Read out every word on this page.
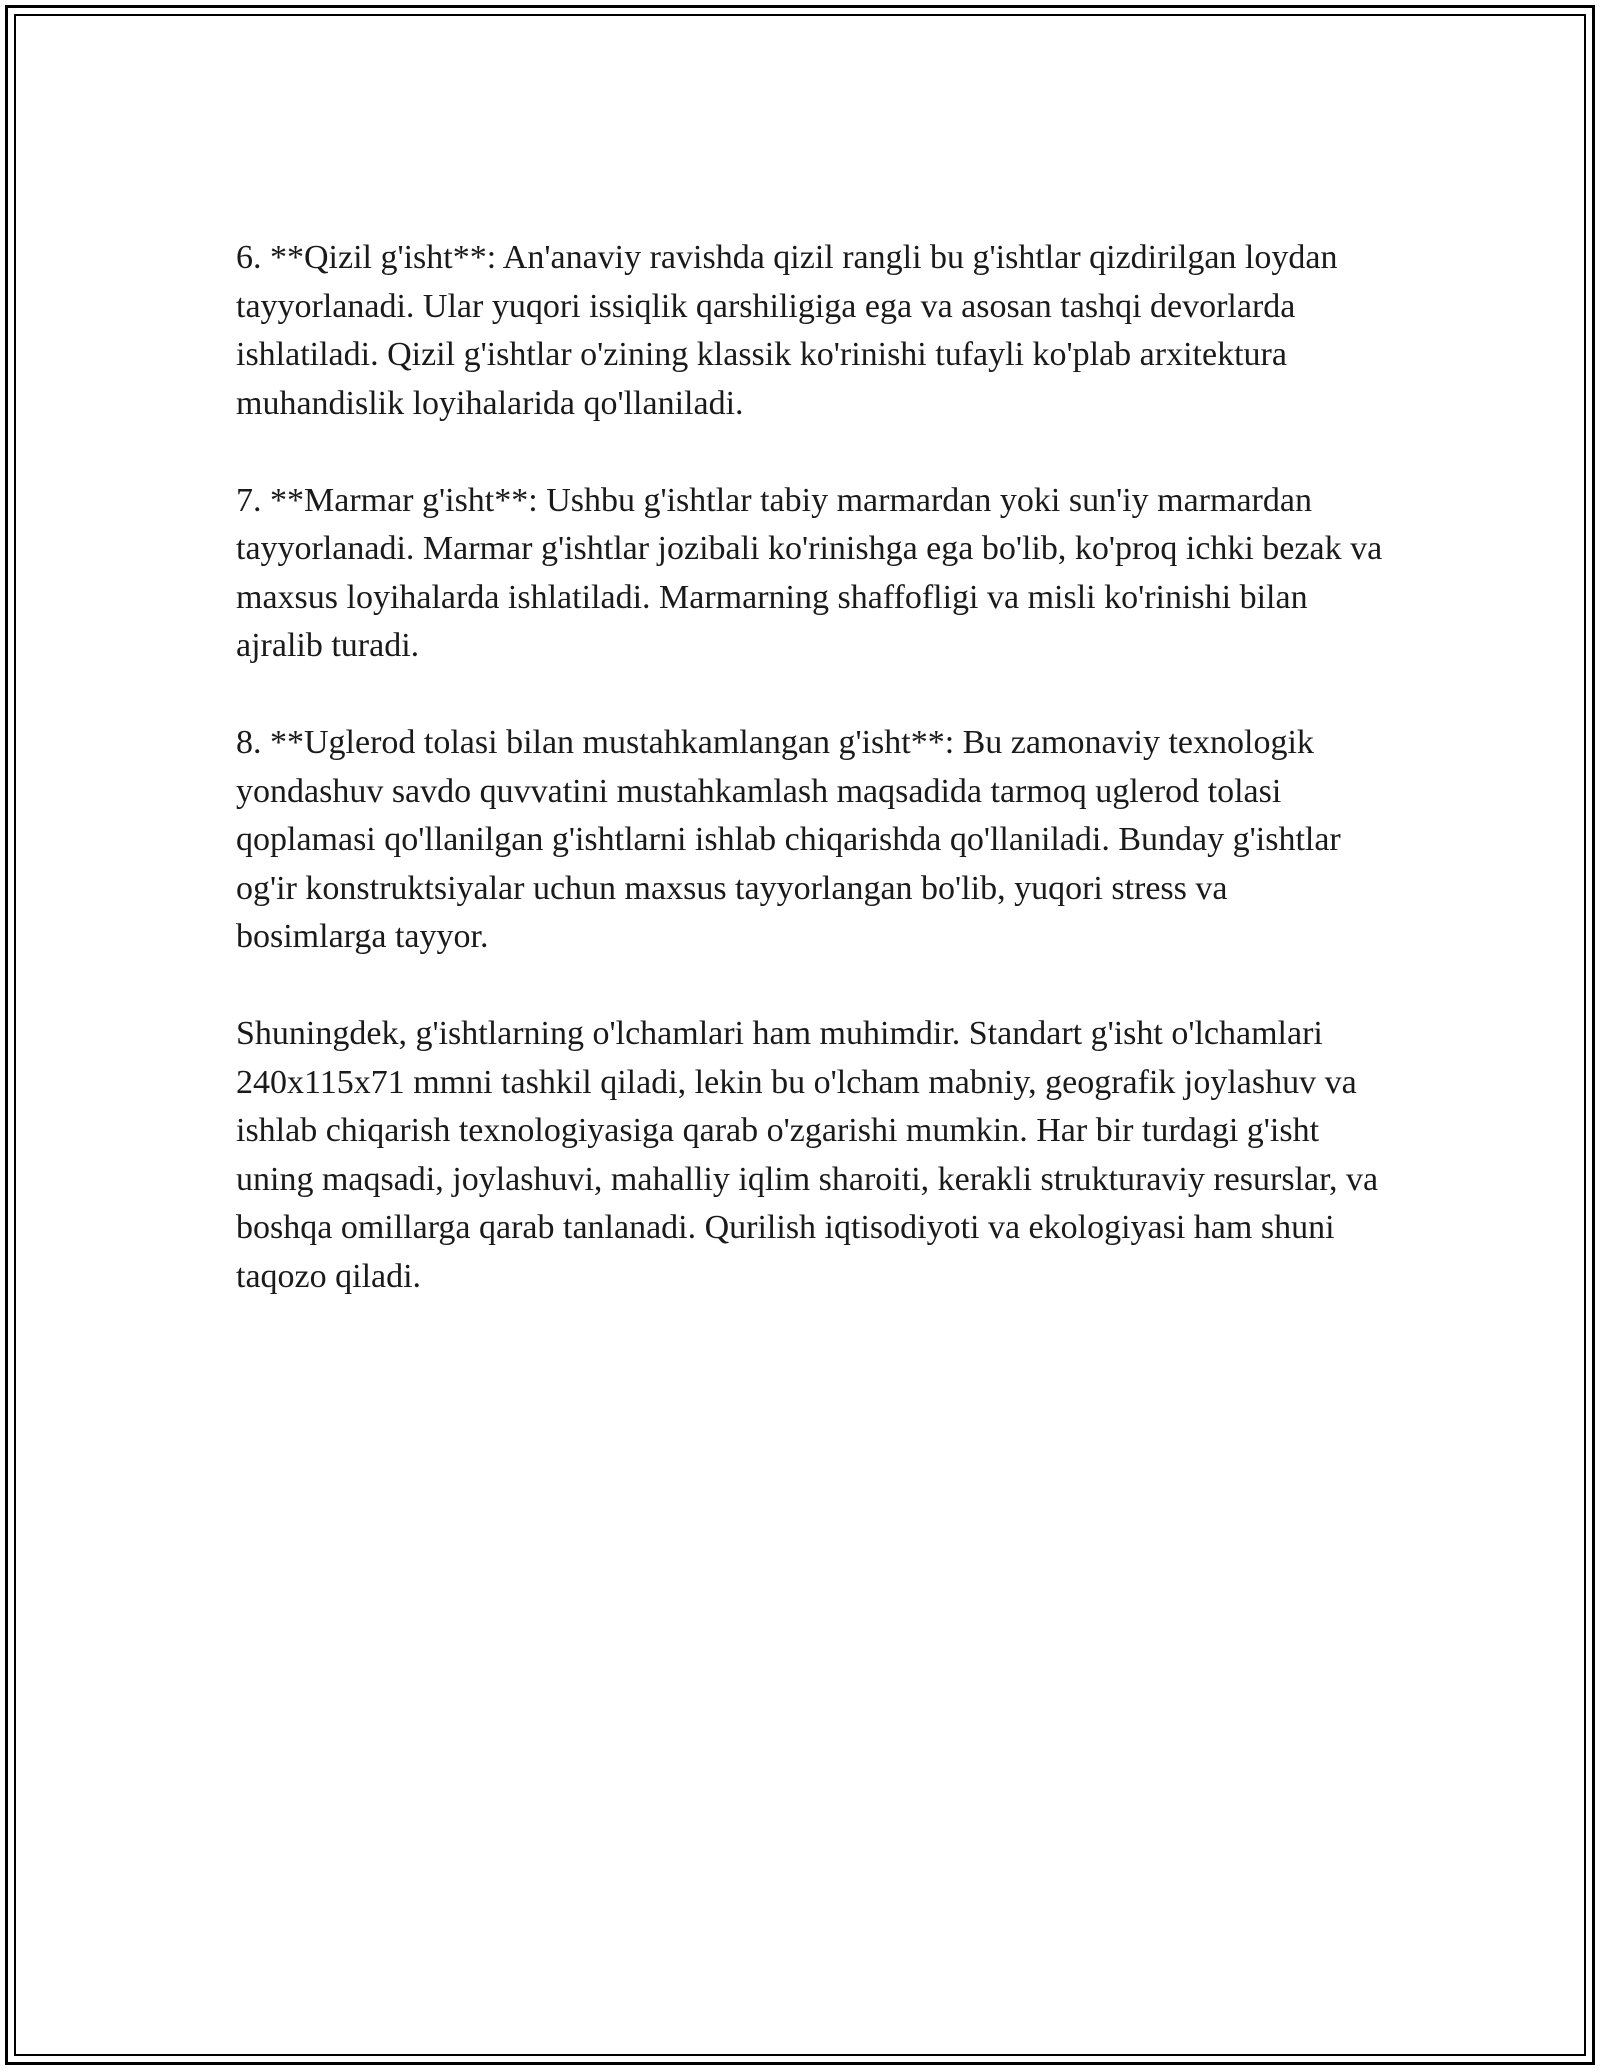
6. **Qizil g'isht**: An'anaviy ravishda qizil rangli bu g'ishtlar qizdirilgan loydan tayyorlanadi. Ular yuqori issiqlik qarshiligiga ega va asosan tashqi devorlarda ishlatiladi. Qizil g'ishtlar o'zining klassik ko'rinishi tufayli ko'plab arxitektura muhandislik loyihalarida qo'llaniladi.

7. **Marmar g'isht**: Ushbu g'ishtlar tabiy marmardan yoki sun'iy marmardan tayyorlanadi. Marmar g'ishtlar jozibali ko'rinishga ega bo'lib, ko'proq ichki bezak va maxsus loyihalarda ishlatiladi. Marmarning shaffofligi va misli ko'rinishi bilan ajralib turadi.

8. **Uglerod tolasi bilan mustahkamlangan g'isht**: Bu zamonaviy texnologik yondashuv savdo quvvatini mustahkamlash maqsadida tarmoq uglerod tolasi qoplamasi qo'llanilgan g'ishtlarni ishlab chiqarishda qo'llaniladi. Bunday g'ishtlar og'ir konstruktsiyalar uchun maxsus tayyorlangan bo'lib, yuqori stress va bosimlarga tayyor.

Shuningdek, g'ishtlarning o'lchamlari ham muhimdir. Standart g'isht o'lchamlari 240x115x71 mmni tashkil qiladi, lekin bu o'lcham mabniy, geografik joylashuv va ishlab chiqarish texnologiyasiga qarab o'zgarishi mumkin. Har bir turdagi g'isht uning maqsadi, joylashuvi, mahalliy iqlim sharoiti, kerakli strukturaviy resurslar, va boshqa omillarga qarab tanlanadi. Qurilish iqtisodiyoti va ekologiyasi ham shuni taqozo qiladi.
